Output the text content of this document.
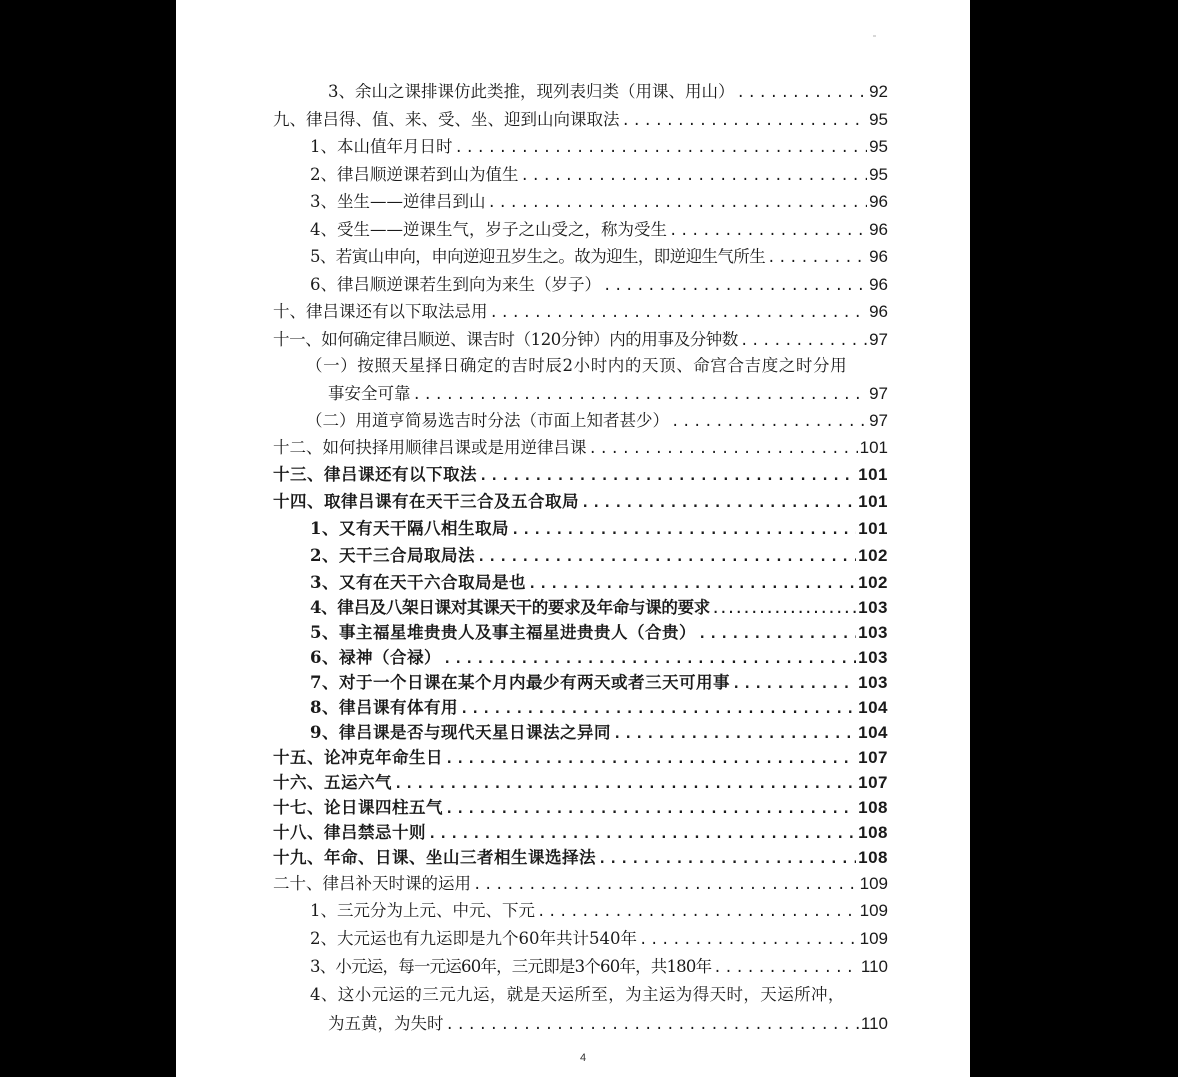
3、余山之课排课仿此类推，现列表归类（用课、用山） .....	92
九、律吕得、值、来、受、坐、迎到山向课取法 .....	95
1、本山值年月日时 .....	95
2、律吕顺逆课若到山为值生 .....	95
3、坐生——逆律吕到山 .....	96
4、受生——逆课生气，岁子之山受之，称为受生 .....	96
5、若寅山申向，申向逆迎丑岁生之。故为迎生，即逆迎生气所生 .....	96
6、律吕顺逆课若生到向为来生（岁子） .....	96
十、律吕课还有以下取法忌用 .....	96
十一、如何确定律吕顺逆、课吉时（120分钟）内的用事及分钟数 .....	97
（一）按照天星择日确定的吉时辰2小时内的天顶、命宫合吉度之时分用
事安全可靠 .....	97
（二）用道亨简易选吉时分法（市面上知者甚少） .....	97
十二、如何抉择用顺律吕课或是用逆律吕课 .....	101
十三、律吕课还有以下取法 .....	101
十四、取律吕课有在天干三合及五合取局 .....	101
1、又有天干隔八相生取局 .....	101
2、天干三合局取局法 .....	102
3、又有在天干六合取局是也 .....	102
4、律吕及八架日课对其课天干的要求及年命与课的要求 .....	103
5、事主福星堆贵贵人及事主福星进贵贵人（合贵） .....	103
6、禄神（合禄） .....	103
7、对于一个日课在某个月内最少有两天或者三天可用事 .....	103
8、律吕课有体有用 .....	104
9、律吕课是否与现代天星日课法之异同 .....	104
十五、论冲克年命生日 .....	107
十六、五运六气 .....	107
十七、论日课四柱五气 .....	108
十八、律吕禁忌十则 .....	108
十九、年命、日课、坐山三者相生课选择法 .....	108
二十、律吕补天时课的运用 .....	109
1、三元分为上元、中元、下元 .....	109
2、大元运也有九运即是九个60年共计540年 .....	109
3、小元运，每一元运60年，三元即是3个60年，共180年 .....	110
4、这小元运的三元九运，就是天运所至，为主运为得天时，天运所冲，
为五黄，为失时 .....	110
4
